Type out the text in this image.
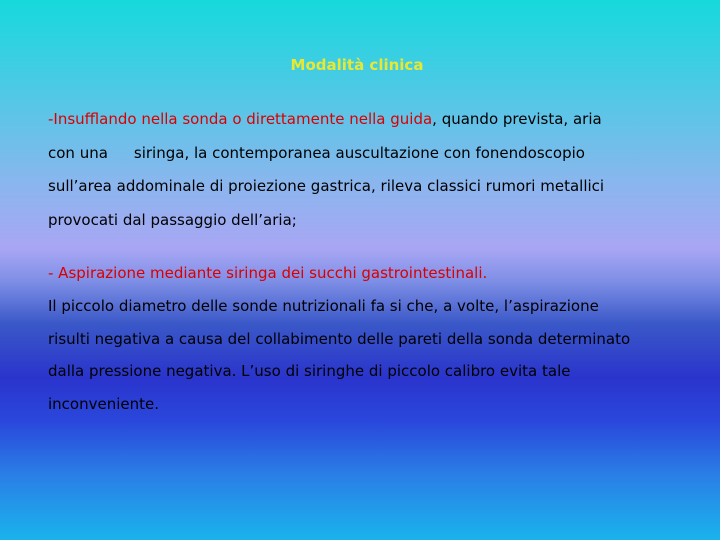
Modalità clinica
-Insufflando nella sonda o direttamente nella guida, quando prevista, aria
con una siringa, la contemporanea auscultazione con fonendoscopio
sull’area addominale di proiezione gastrica, rileva classici rumori metallici
provocati dal passaggio dell’aria;
- Aspirazione mediante siringa dei succhi gastrointestinali.
Il piccolo diametro delle sonde nutrizionali fa si che, a volte, l’aspirazione
risulti negativa a causa del collabimento delle pareti della sonda determinato
dalla pressione negativa. L’uso di siringhe di piccolo calibro evita tale
inconveniente.
